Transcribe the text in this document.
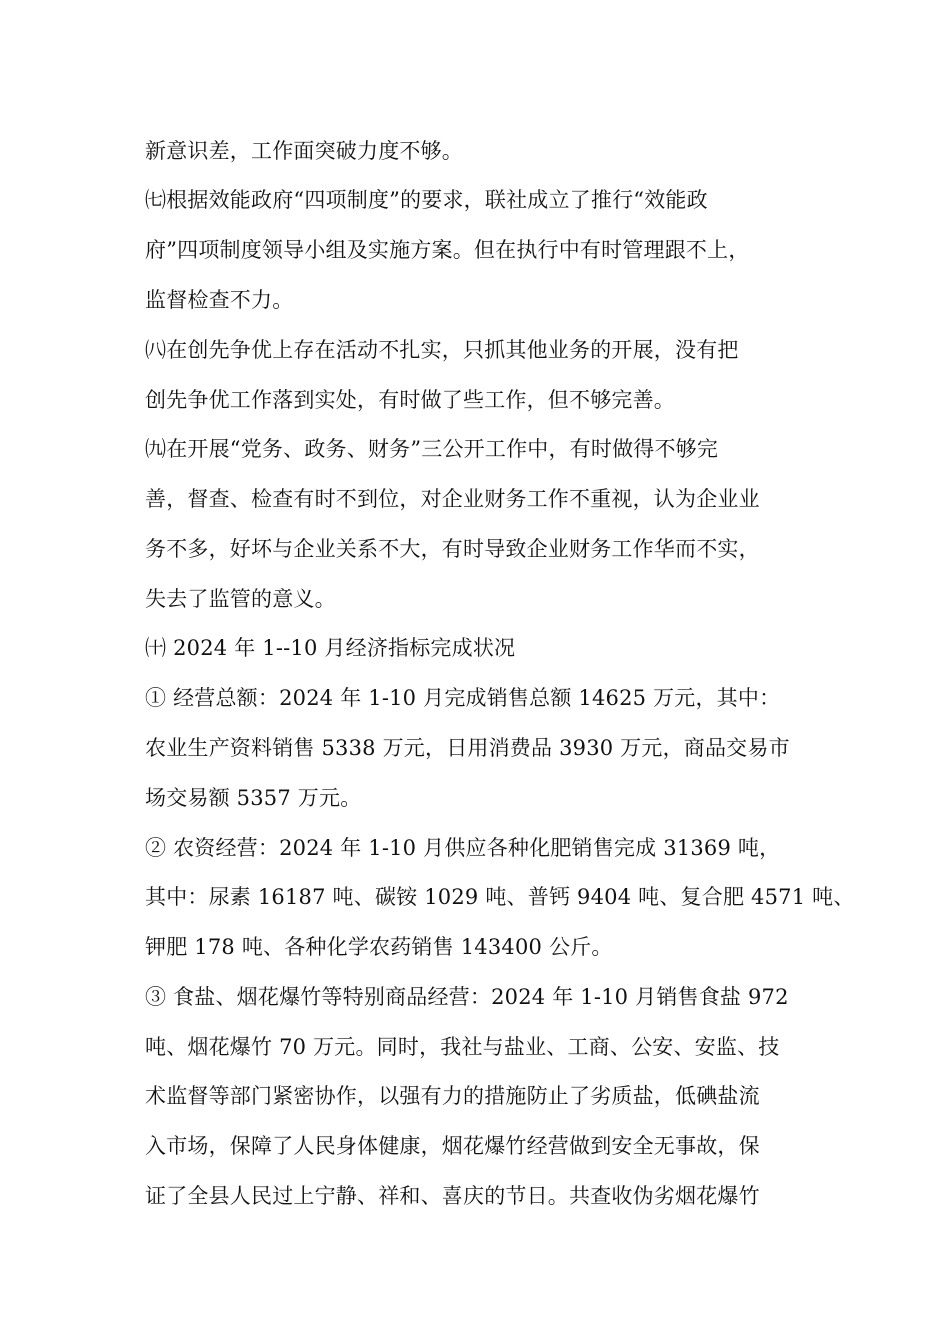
新意识差，工作面突破力度不够。
㈦根据效能政府“四项制度”的要求，联社成立了推行“效能政
府”四项制度领导小组及实施方案。但在执行中有时管理跟不上，
监督检查不力。
㈧在创先争优上存在活动不扎实，只抓其他业务的开展，没有把
创先争优工作落到实处，有时做了些工作，但不够完善。
㈨在开展“党务、政务、财务”三公开工作中，有时做得不够完
善，督查、检查有时不到位，对企业财务工作不重视，认为企业业
务不多，好坏与企业关系不大，有时导致企业财务工作华而不实，
失去了监管的意义。
㈩ 2024 年 1--10 月经济指标完成状况
① 经营总额：2024 年 1-10 月完成销售总额 14625 万元，其中：
农业生产资料销售 5338 万元，日用消费品 3930 万元，商品交易市
场交易额 5357 万元。
② 农资经营：2024 年 1-10 月供应各种化肥销售完成 31369 吨，
其中：尿素 16187 吨、碳铵 1029 吨、普钙 9404 吨、复合肥 4571 吨、
钾肥 178 吨、各种化学农药销售 143400 公斤。
③ 食盐、烟花爆竹等特别商品经营：2024 年 1-10 月销售食盐 972
吨、烟花爆竹 70 万元。同时，我社与盐业、工商、公安、安监、技
术监督等部门紧密协作，以强有力的措施防止了劣质盐，低碘盐流
入市场，保障了人民身体健康，烟花爆竹经营做到安全无事故，保
证了全县人民过上宁静、祥和、喜庆的节日。共查收伪劣烟花爆竹
